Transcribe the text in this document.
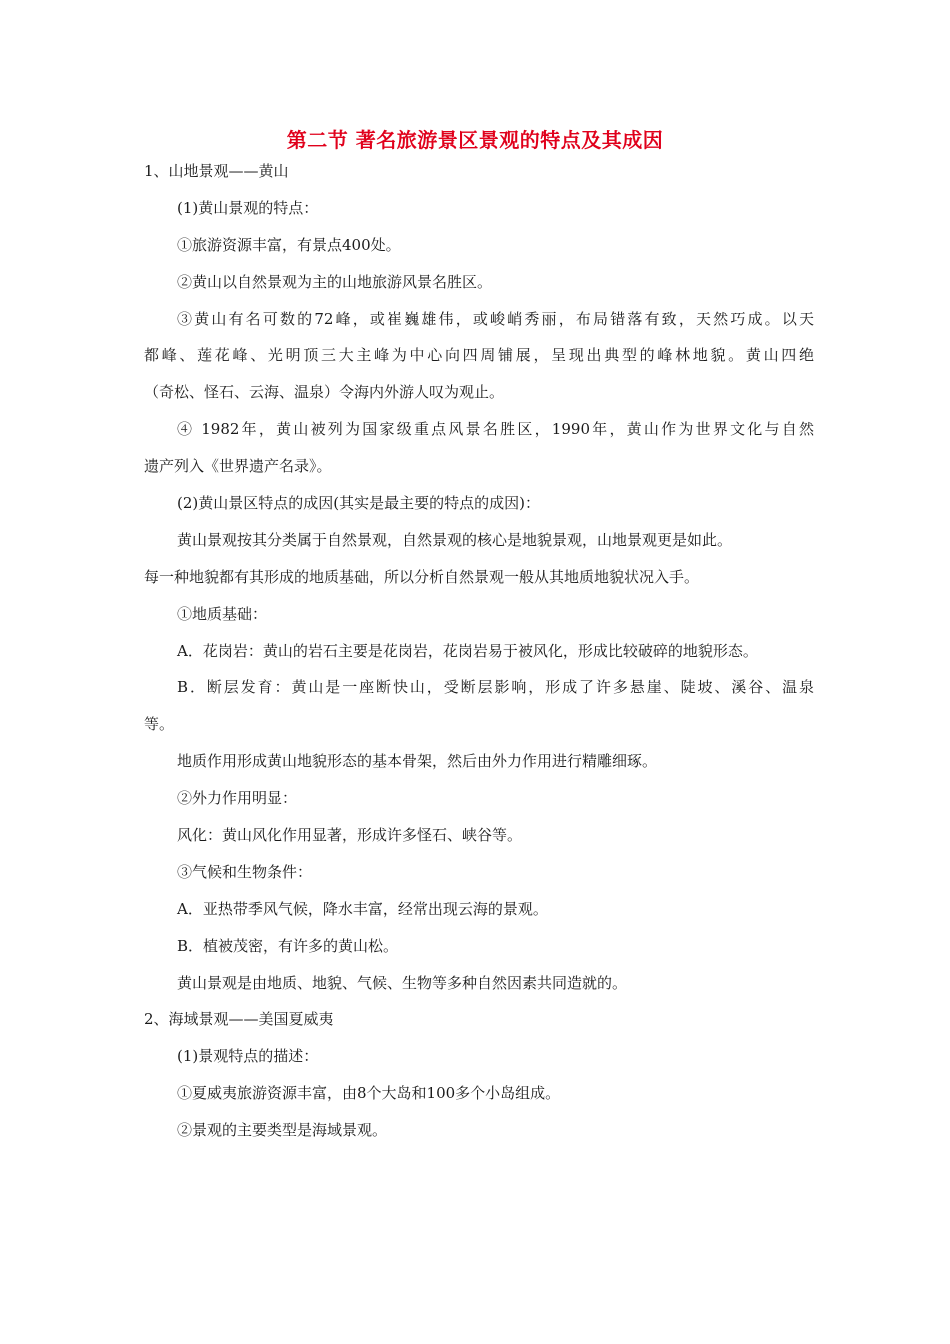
第二节 著名旅游景区景观的特点及其成因
1、山地景观——黄山
(1)黄山景观的特点：
①旅游资源丰富，有景点400处。
②黄山以自然景观为主的山地旅游风景名胜区。
③黄山有名可数的72峰，或崔巍雄伟，或峻峭秀丽，布局错落有致，天然巧成。以天
都峰、莲花峰、光明顶三大主峰为中心向四周铺展，呈现出典型的峰林地貌。黄山四绝
（奇松、怪石、云海、温泉）令海内外游人叹为观止。
④ 1982年，黄山被列为国家级重点风景名胜区，1990年，黄山作为世界文化与自然
遗产列入《世界遗产名录》。
(2)黄山景区特点的成因(其实是最主要的特点的成因)：
黄山景观按其分类属于自然景观，自然景观的核心是地貌景观，山地景观更是如此。
每一种地貌都有其形成的地质基础，所以分析自然景观一般从其地质地貌状况入手。
①地质基础：
A．花岗岩：黄山的岩石主要是花岗岩，花岗岩易于被风化，形成比较破碎的地貌形态。
B．断层发育：黄山是一座断快山，受断层影响，形成了许多悬崖、陡坡、溪谷、温泉
等。
地质作用形成黄山地貌形态的基本骨架，然后由外力作用进行精雕细琢。
②外力作用明显：
风化：黄山风化作用显著，形成许多怪石、峡谷等。
③气候和生物条件：
A．亚热带季风气候，降水丰富，经常出现云海的景观。
B．植被茂密，有许多的黄山松。
黄山景观是由地质、地貌、气候、生物等多种自然因素共同造就的。
2、海域景观——美国夏威夷
(1)景观特点的描述：
①夏威夷旅游资源丰富，由8个大岛和100多个小岛组成。
②景观的主要类型是海域景观。
